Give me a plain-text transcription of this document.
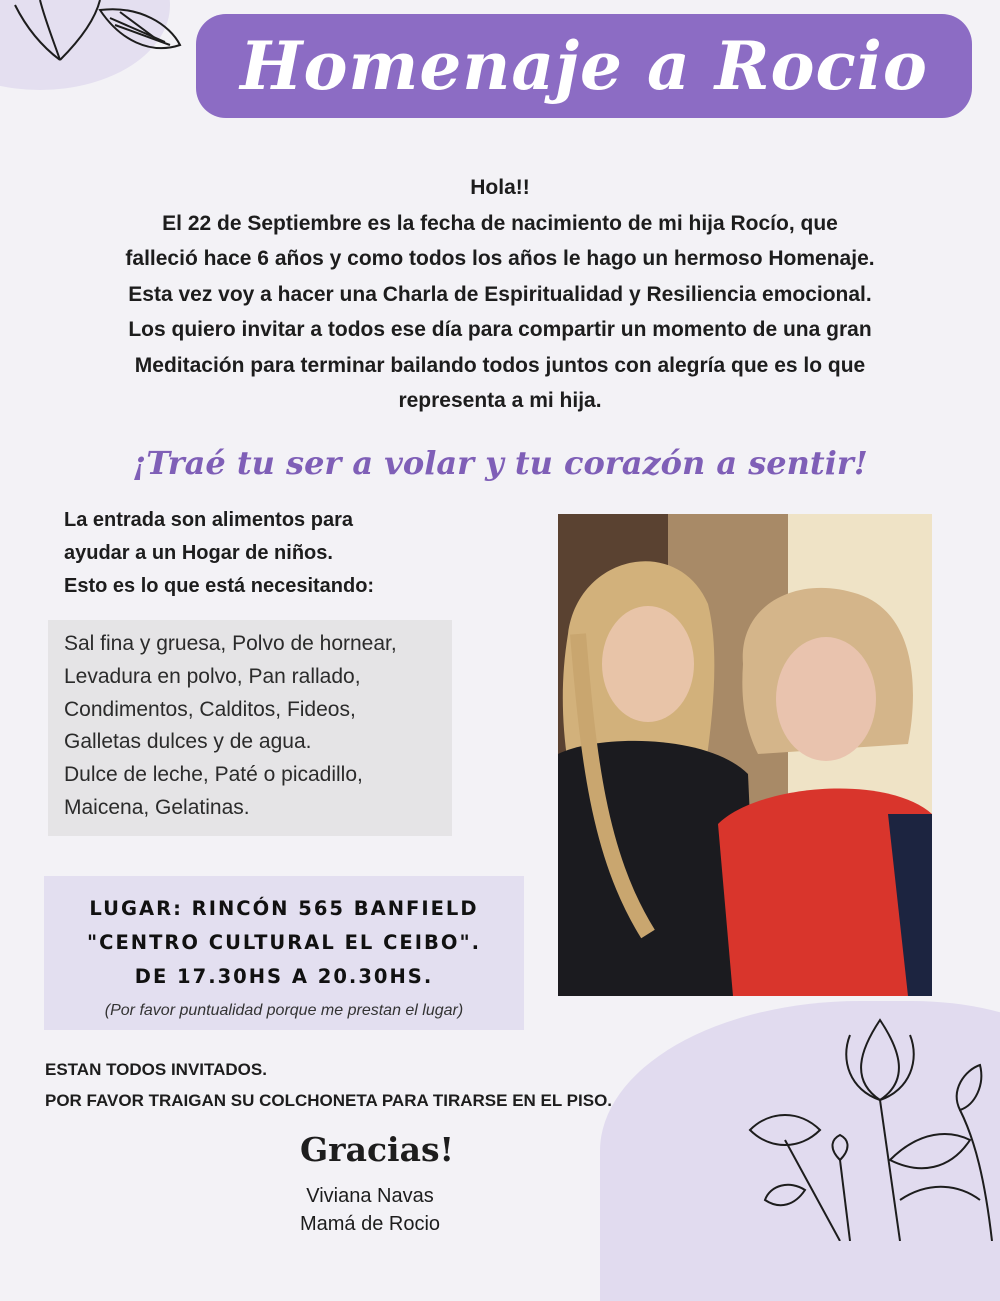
Homenaje a Rocio

Hola!!

El 22 de Septiembre es la fecha de nacimiento de mi hija Rocío, que

falleció hace 6 años y como todos los años le hago un hermoso Homenaje.

Esta vez voy a hacer una Charla de Espiritualidad y Resiliencia emocional.

Los quiero invitar a todos ese día para compartir un momento de una gran

Meditación para terminar bailando todos juntos con alegría que es lo que

representa a mi hija.

¡Traé tu ser a volar y tu corazón a sentir!

La entrada son alimentos para

ayudar a un Hogar de niños.

Esto es lo que está necesitando:

Sal fina y gruesa, Polvo de hornear,

Levadura en polvo, Pan rallado,

Condimentos, Calditos, Fideos,

Galletas dulces y de agua.

Dulce de leche, Paté o picadillo,

Maicena, Gelatinas.

LUGAR: RINCÓN 565 BANFIELD
"CENTRO CULTURAL EL CEIBO".
DE 17.30HS A 20.30HS.
(Por favor puntualidad porque me prestan el lugar)

ESTAN TODOS INVITADOS.

POR FAVOR TRAIGAN SU COLCHONETA PARA TIRARSE EN EL PISO.

Gracias!

Viviana Navas

Mamá de Rocio
